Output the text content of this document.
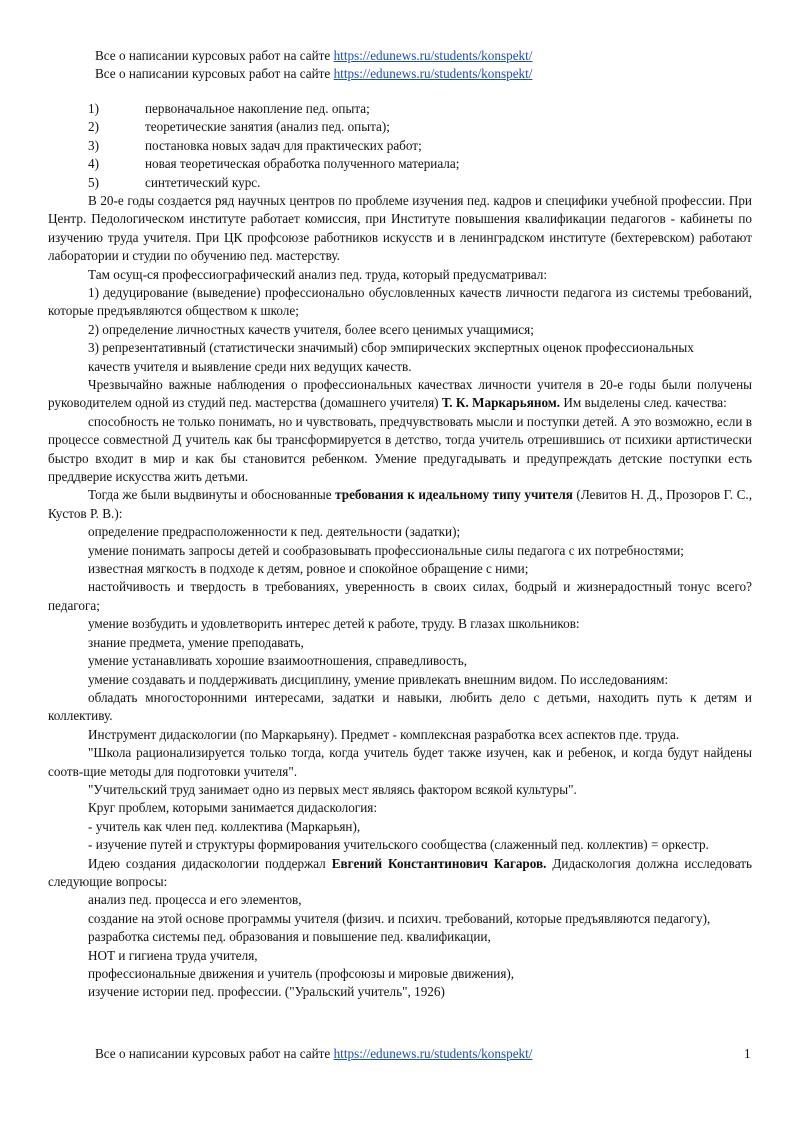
Все о написании курсовых работ на сайте https://edunews.ru/students/konspekt/
Все о написании курсовых работ на сайте https://edunews.ru/students/konspekt/
1)	первоначальное накопление пед. опыта;
2)	теоретические занятия (анализ пед. опыта);
3)	постановка новых задач для практических работ;
4)	новая теоретическая обработка полученного материала;
5)	синтетический курс.

В 20-е годы создается ряд научных центров по проблеме изучения пед. кадров и специфики учебной профессии. При Центр. Педологическом институте работает комиссия, при Институте повышения квалификации педагогов - кабинеты по изучению труда учителя. При ЦК профсоюзе работников искусств и в ленинградском институте (бехтеревском) работают лаборатории и студии по обучению пед. мастерству.

Там осущ-ся профессиографический анализ пед. труда, который предусматривал:

1) дедуцирование (выведение) профессионально обусловленных качеств личности педагога из системы требований, которые предъявляются обществом к школе;

2) определение личностных качеств учителя, более всего ценимых учащимися;

3) репрезентативный (статистически значимый) сбор эмпирических экспертных оценок профессиональных

качеств учителя и выявление среди них ведущих качеств.

Чрезвычайно важные наблюдения о профессиональных качествах личности учителя в 20-е годы были получены руководителем одной из студий пед. мастерства (домашнего учителя) Т. К. Маркарьяном. Им выделены след. качества:

способность не только понимать, но и чувствовать, предчувствовать мысли и поступки детей. А это возможно, если в процессе совместной Д учитель как бы трансформируется в детство, тогда учитель отрешившись от психики артистически быстро входит в мир и как бы становится ребенком. Умение предугадывать и предупреждать детские поступки есть преддверие искусства жить детьми.

Тогда же были выдвинуты и обоснованные требования к идеальному типу учителя (Левитов Н. Д., Прозоров Г. С., Кустов Р. В.):

определение предрасположенности к пед. деятельности (задатки);

умение понимать запросы детей и сообразовывать профессиональные силы педагога с их потребностями;

известная мягкость в подходе к детям, ровное и спокойное обращение с ними;

настойчивость и твердость в требованиях, уверенность в своих силах, бодрый и жизнерадостный тонус всего? педагога;

умение возбудить и удовлетворить интерес детей к работе, труду. В глазах школьников:

знание предмета, умение преподавать,

умение устанавливать хорошие взаимоотношения, справедливость,

умение создавать и поддерживать дисциплину, умение привлекать внешним видом. По исследованиям:

обладать многосторонними интересами, задатки и навыки, любить дело с детьми, находить путь к детям и коллективу.

Инструмент дидаскологии (по Маркарьяну). Предмет - комплексная разработка всех аспектов пде. труда.

"Школа рационализируется только тогда, когда учитель будет также изучен, как и ребенок, и когда будут найдены соотв-щие методы для подготовки учителя".

"Учительский труд занимает одно из первых мест являясь фактором всякой культуры".

Круг проблем, которыми занимается дидаскология:

- учитель как член пед. коллектива (Маркарьян),

- изучение путей и структуры формирования учительского сообщества (слаженный пед. коллектив) = оркестр.

Идею создания дидаскологии поддержал Евгений Константинович Кагаров. Дидаскология должна исследовать следующие вопросы:

анализ пед. процесса и его элементов,

создание на этой основе программы учителя (физич. и психич. требований, которые предъявляются педагогу),

разработка системы пед. образования и повышение пед. квалификации,

НОТ и гигиена труда учителя,

профессиональные движения и учитель (профсоюзы и мировые движения),

изучение истории пед. профессии. ("Уральский учитель", 1926)

Все о написании курсовых работ на сайте https://edunews.ru/students/konspekt/	1
